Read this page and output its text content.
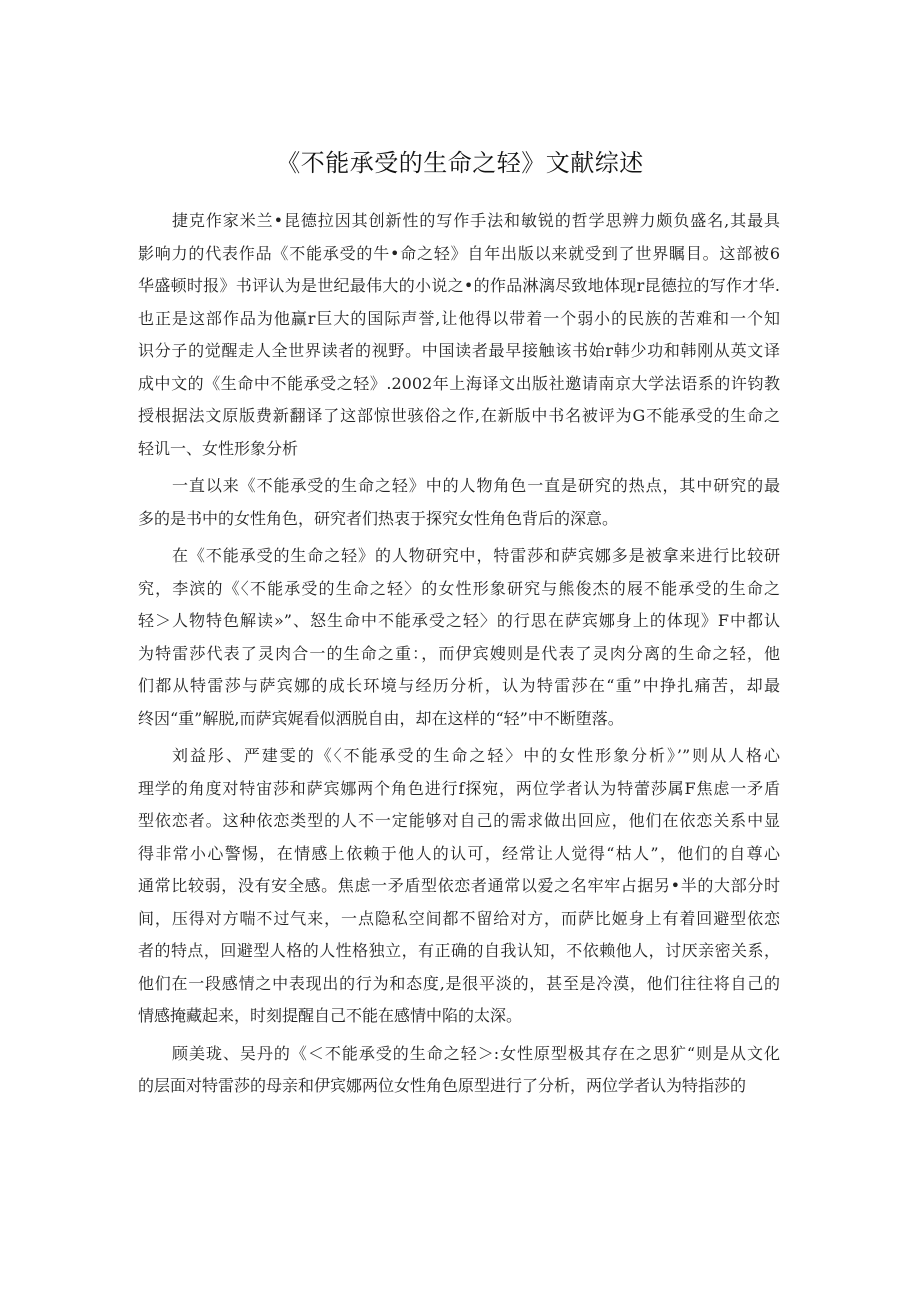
《不能承受的生命之轻》文献综述
捷克作家米兰•昆德拉因其创新性的写作手法和敏锐的哲学思辨力颇负盛名,其最具
影响力的代表作品《不能承受的牛•命之轻》自年出版以来就受到了世界瞩目。这部被6
华盛顿时报》书评认为是世纪最伟大的小说之•的作品淋漓尽致地体现r昆德拉的写作才华.
也正是这部作品为他赢r巨大的国际声誉,让他得以带着一个弱小的民族的苦难和一个知
识分子的觉醒走人全世界读者的视野。中国读者最早接触该书始r韩少功和韩刚从英文译
成中文的《生命中不能承受之轻》.2002年上海译文出版社邀请南京大学法语系的许钧教
授根据法文原版费新翻译了这部惊世骇俗之作,在新版中书名被评为G不能承受的生命之
轻讥一、女性形象分析
一直以来《不能承受的生命之轻》中的人物角色一直是研究的热点，其中研究的最
多的是书中的女性角色，研究者们热衷于探究女性角色背后的深意。
在《不能承受的生命之轻》的人物研究中，特雷莎和萨宾娜多是被拿来进行比较研
究，李滨的《〈不能承受的生命之轻〉的女性形象研究与熊俊杰的屐不能承受的生命之
轻＞人物特色解读»”、怒生命中不能承受之轻〉的行思在萨宾娜身上的体现》F中都认
为特雷莎代表了灵肉合一的生命之重：，而伊宾嫂则是代表了灵肉分离的生命之轻，他
们都从特雷莎与萨宾娜的成长环境与经历分析，认为特雷莎在“重”中挣扎痛苦，却最
终因“重”解脱,而萨宾娓看似洒脱自由，却在这样的“轻”中不断堕落。
刘益彤、严建雯的《〈不能承受的生命之轻〉中的女性形象分析》’”则从人格心
理学的角度对特宙莎和萨宾娜两个角色进行f探宛，两位学者认为特蕾莎属F焦虑一矛盾
型依恋者。这种依恋类型的人不一定能够对自己的需求做出回应，他们在依恋关系中显
得非常小心警惕，在情感上依赖于他人的认可，经常让人觉得“枯人”，他们的自尊心
通常比较弱，没有安全感。焦虑一矛盾型依恋者通常以爱之名牢牢占据另•半的大部分时
间，压得对方喘不过气来，一点隐私空间都不留给对方，而萨比姬身上有着回避型依恋
者的特点，回避型人格的人性格独立，有正确的自我认知，不依赖他人，讨厌亲密关系，
他们在一段感情之中表现出的行为和态度,是很平淡的，甚至是冷漠，他们往往将自己的
情感掩藏起来，时刻提醒自己不能在感情中陷的太深。
顾美珑、吴丹的《＜不能承受的生命之轻＞:女性原型极其存在之思犷“则是从文化
的层面对特雷莎的母亲和伊宾娜两位女性角色原型进行了分析，两位学者认为特指莎的
